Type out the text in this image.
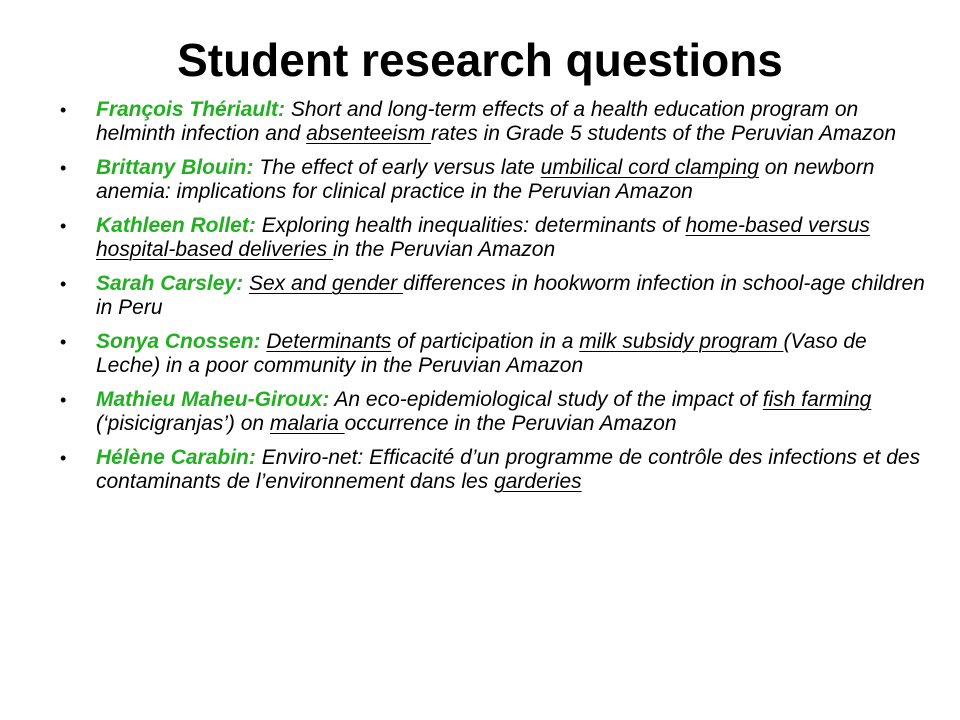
Student research questions
• François Thériault: Short and long-term effects of a health education program on helminth infection and absenteeism rates in Grade 5 students of the Peruvian Amazon
• Brittany Blouin: The effect of early versus late umbilical cord clamping on newborn anemia: implications for clinical practice in the Peruvian Amazon
• Kathleen Rollet: Exploring health inequalities: determinants of home-based versus hospital-based deliveries in the Peruvian Amazon
• Sarah Carsley: Sex and gender differences in hookworm infection in school-age children in Peru
• Sonya Cnossen: Determinants of participation in a milk subsidy program (Vaso de Leche) in a poor community in the Peruvian Amazon
• Mathieu Maheu-Giroux: An eco-epidemiological study of the impact of fish farming (‘pisicigranjas’) on malaria occurrence in the Peruvian Amazon
• Hélène Carabin: Enviro-net: Efficacité d’un programme de contrôle des infections et des contaminants de l’environnement dans les garderies
